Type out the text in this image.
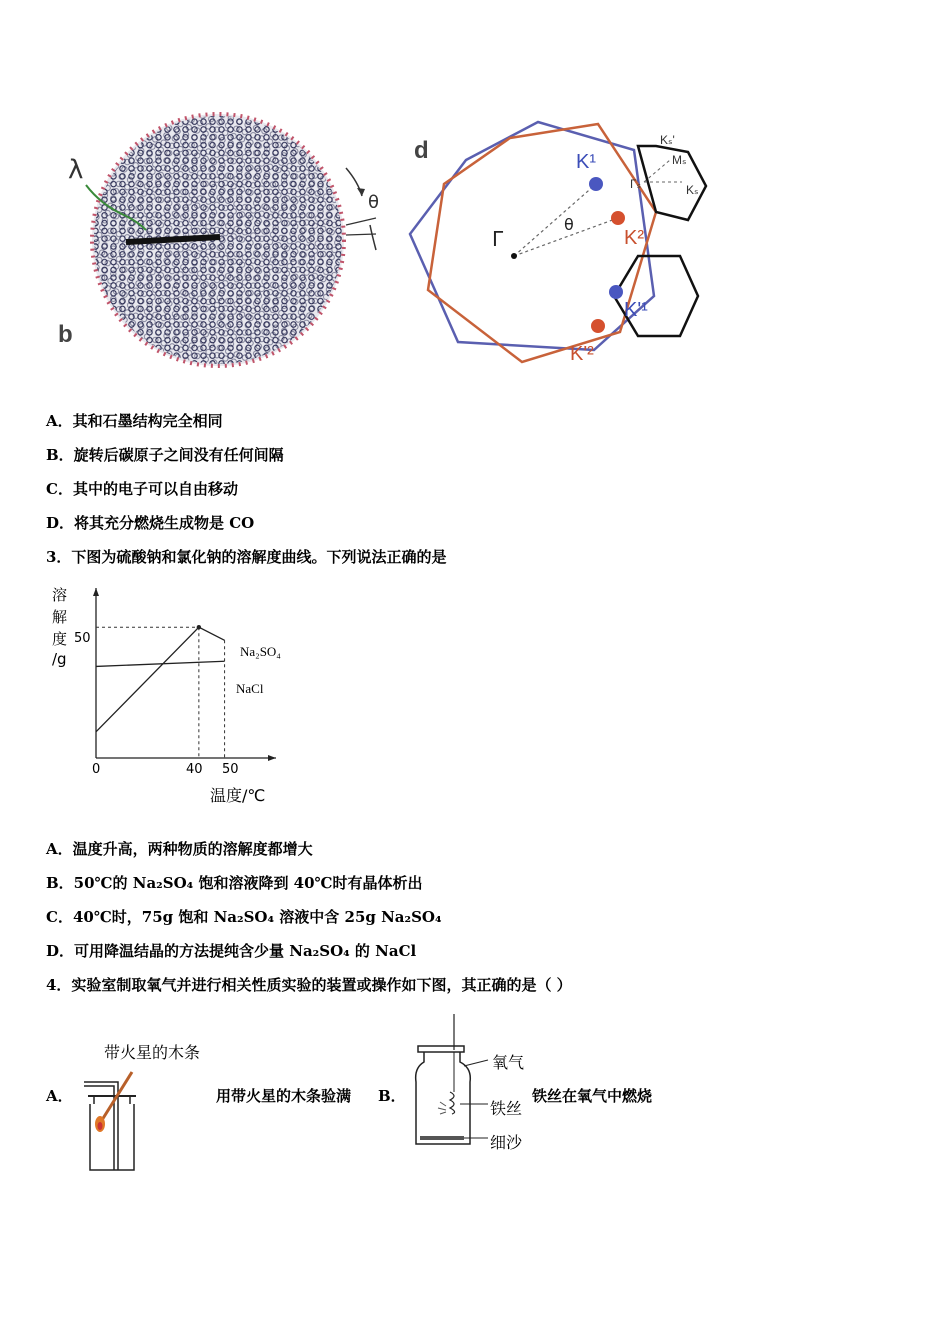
λ
b
θ
d
Γ
θ
K¹
K²
K'¹
K'²
Kₛ'
Mₛ
Γₛ	Kₛ
A．其和石墨结构完全相同
B．旋转后碳原子之间没有任何间隔
C．其中的电子可以自由移动
D．将其充分燃烧生成物是 CO
3．下图为硫酸钠和氯化钠的溶解度曲线。下列说法正确的是
溶
解
度
/g
50
0	40 50
温度/℃
Na₂SO₄
NaCl
A．温度升高，两种物质的溶解度都增大
B．50℃的 Na₂SO₄ 饱和溶液降到 40℃时有晶体析出
C．40℃时，75g 饱和 Na₂SO₄ 溶液中含 25g Na₂SO₄
D．可用降温结晶的方法提纯含少量 Na₂SO₄ 的 NaCl
4．实验室制取氧气并进行相关性质实验的装置或操作如下图，其正确的是（ ）
A．
带火星的木条
用带火星的木条验满 B．
氧气
铁丝
细沙
铁丝在氧气中燃烧
